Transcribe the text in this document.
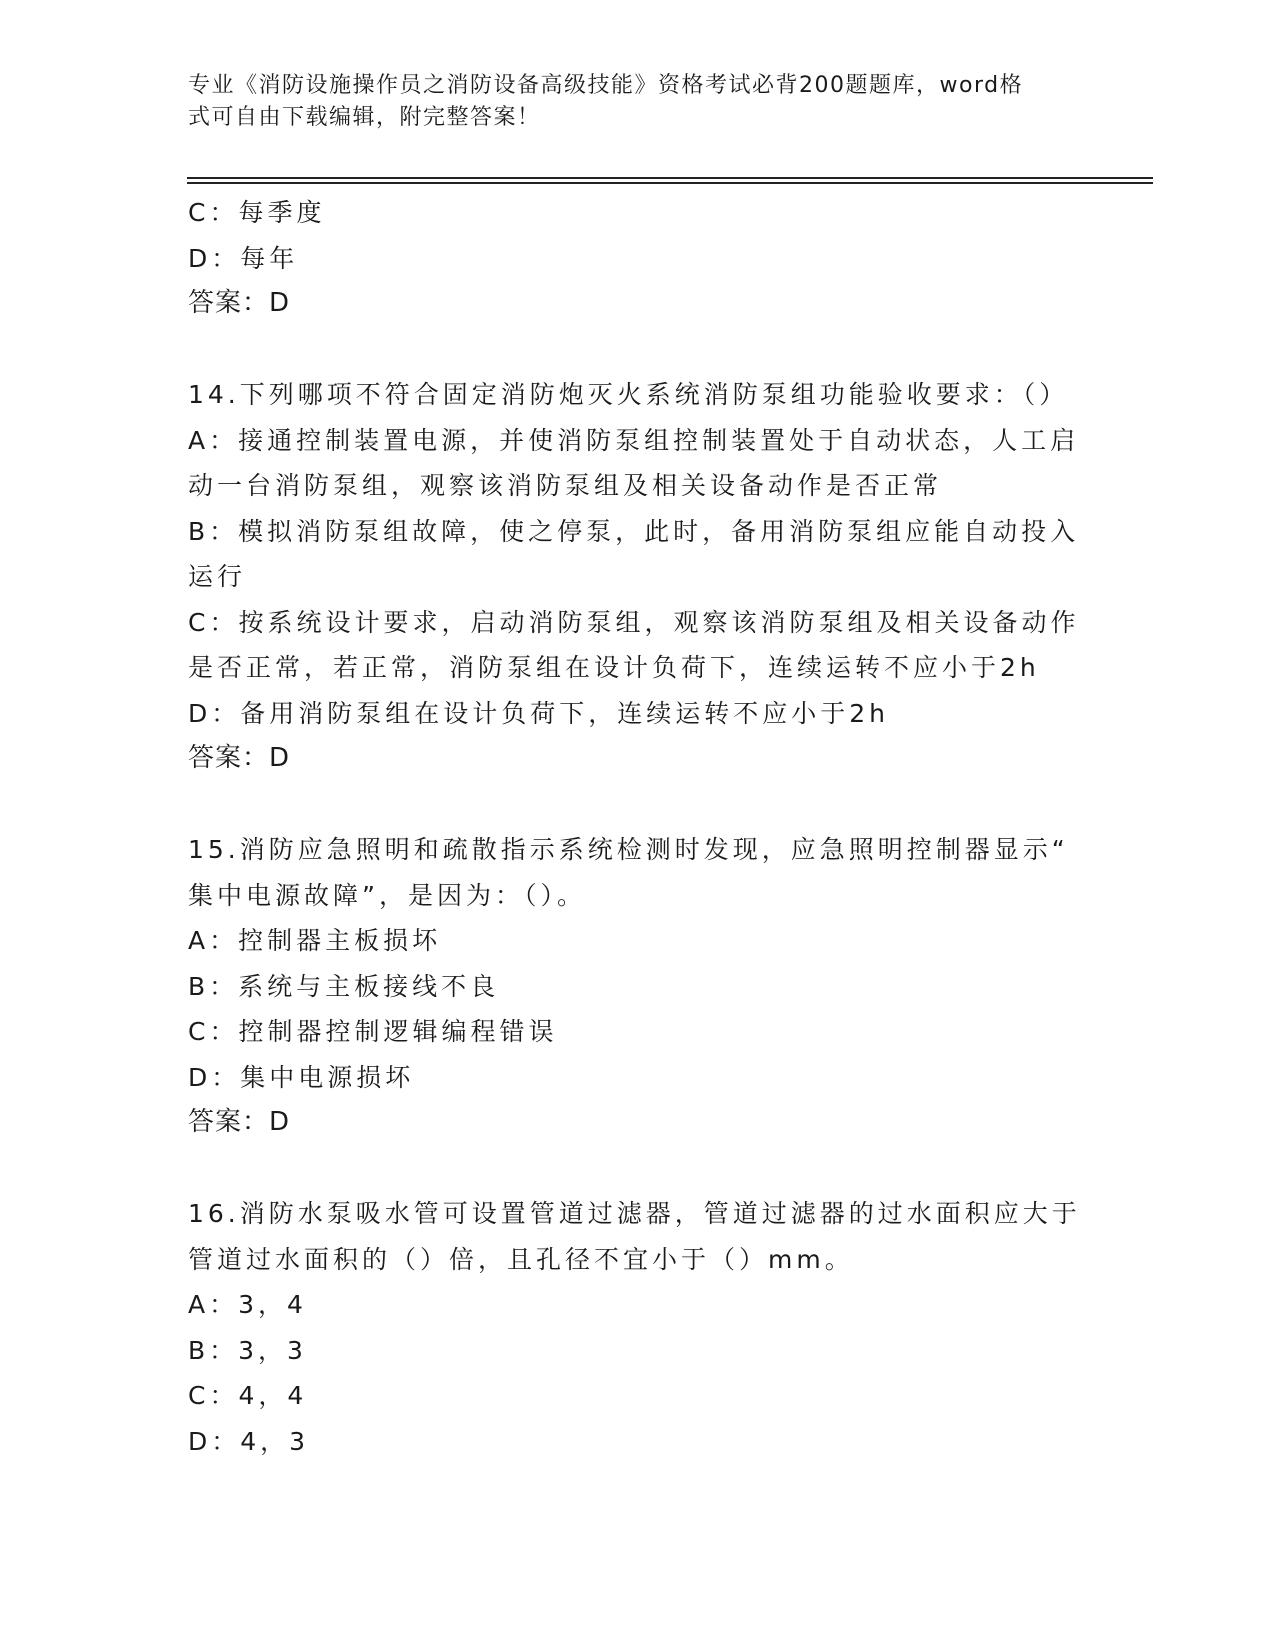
专业《消防设施操作员之消防设备高级技能》资格考试必背200题题库，word格
式可自由下载编辑，附完整答案！
C：每季度
D：每年
答案：D
14.下列哪项不符合固定消防炮灭火系统消防泵组功能验收要求：（）
A：接通控制装置电源，并使消防泵组控制装置处于自动状态，人工启
动一台消防泵组，观察该消防泵组及相关设备动作是否正常
B：模拟消防泵组故障，使之停泵，此时，备用消防泵组应能自动投入
运行
C：按系统设计要求，启动消防泵组，观察该消防泵组及相关设备动作
是否正常，若正常，消防泵组在设计负荷下，连续运转不应小于2h
D：备用消防泵组在设计负荷下，连续运转不应小于2h
答案：D
15.消防应急照明和疏散指示系统检测时发现，应急照明控制器显示“
集中电源故障”，是因为：（）。
A：控制器主板损坏
B：系统与主板接线不良
C：控制器控制逻辑编程错误
D：集中电源损坏
答案：D
16.消防水泵吸水管可设置管道过滤器，管道过滤器的过水面积应大于
管道过水面积的（）倍，且孔径不宜小于（）mm。
A：3，4
B：3，3
C：4，4
D：4，3
